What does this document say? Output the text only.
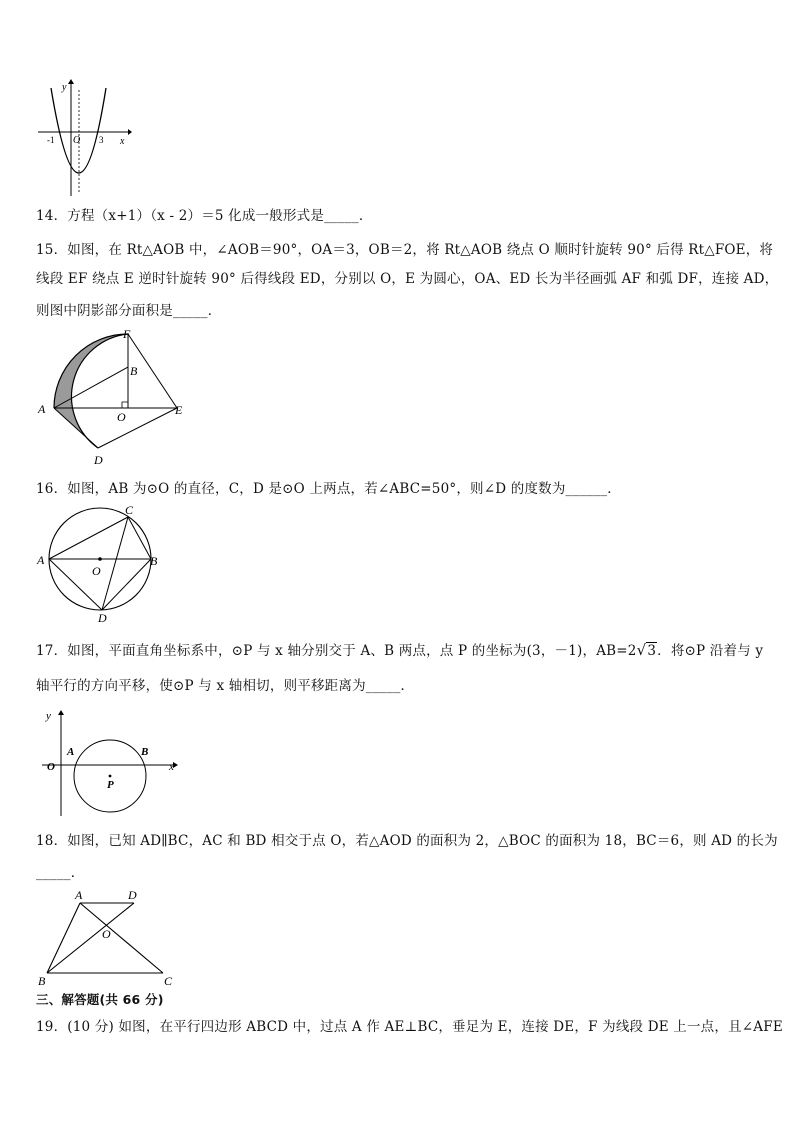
y
x
O
-1	3
14．方程（x+1）（x - 2）＝5 化成一般形式是_____．
15．如图，在 Rt△AOB 中，∠AOB＝90°，OA＝3，OB＝2，将 Rt△AOB 绕点 O 顺时针旋转 90° 后得 Rt△FOE，将
线段 EF 绕点 E 逆时针旋转 90° 后得线段 ED，分别以 O，E 为圆心，OA、ED 长为半径画弧 AF 和弧 DF，连接 AD，
则图中阴影部分面积是_____．
F
B
A
O	E
D
16．如图，AB 为⊙O 的直径，C，D 是⊙O 上两点，若∠ABC=50°，则∠D 的度数为______．
A	B
C
O
D
17．如图，平面直角坐标系中，⊙P 与 x 轴分别交于 A、B 两点，点 P 的坐标为(3，－1)，AB=2√3．将⊙P 沿着与 y
轴平行的方向平移，使⊙P 与 x 轴相切，则平移距离为_____．
y
x
O
A	B
P
18．如图，已知 AD∥BC，AC 和 BD 相交于点 O，若△AOD 的面积为 2，△BOC 的面积为 18，BC＝6，则 AD 的长为
_____．
A	D
O
B	C
三、解答题(共 66 分)
19．(10 分) 如图，在平行四边形 ABCD 中，过点 A 作 AE⊥BC，垂足为 E，连接 DE，F 为线段 DE 上一点，且∠AFE
